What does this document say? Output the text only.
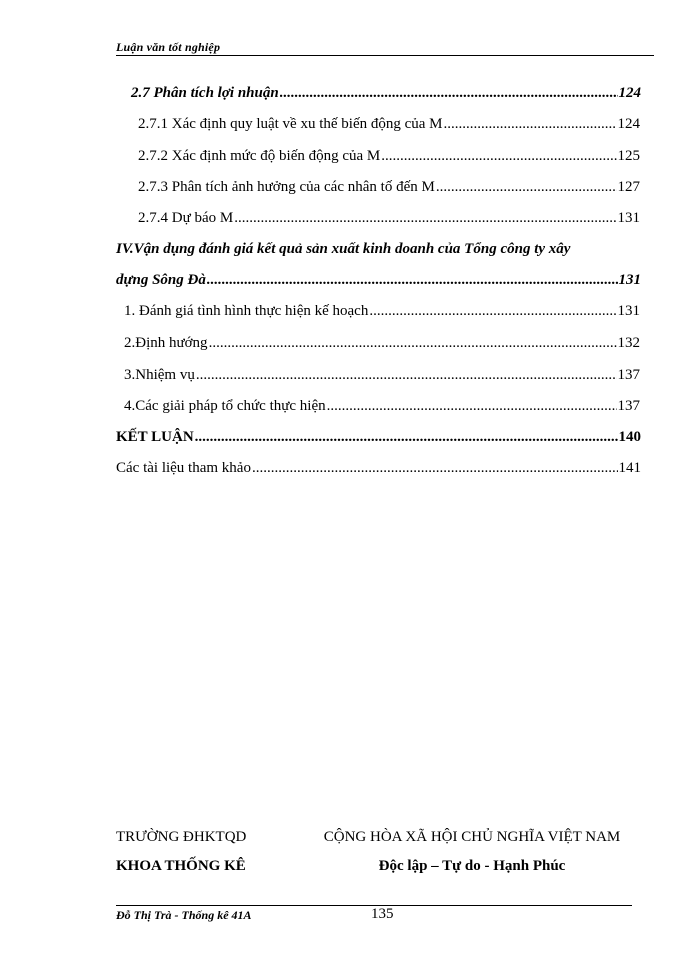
Luận văn tốt nghiệp
2.7 Phân tích lợi nhuận .....	124
2.7.1 Xác định quy luật về xu thế biến động của M .....	124
2.7.2 Xác định mức độ biến động của M .....	125
2.7.3 Phân tích ảnh hưởng của các nhân tố đến M .....	127
2.7.4 Dự báo M .....	131
IV.Vận dụng đánh giá kết quả sản xuất kinh doanh của Tổng công ty xây
dựng Sông Đà .....	131
1. Đánh giá tình hình thực hiện kế hoạch .....	131
2.Định hướng .....	132
3.Nhiệm vụ .....	137
4.Các giải pháp tổ chức thực hiện .....	137
KẾT LUẬN .....	140
Các tài liệu tham khảo .....	141
TRƯỜNG ĐHKTQD
KHOA THỐNG KÊ
CỘNG HÒA XÃ HỘI CHỦ NGHĨA VIỆT NAM
Độc lập – Tự do - Hạnh Phúc
Đỗ Thị Trà - Thống kê 41A	135
